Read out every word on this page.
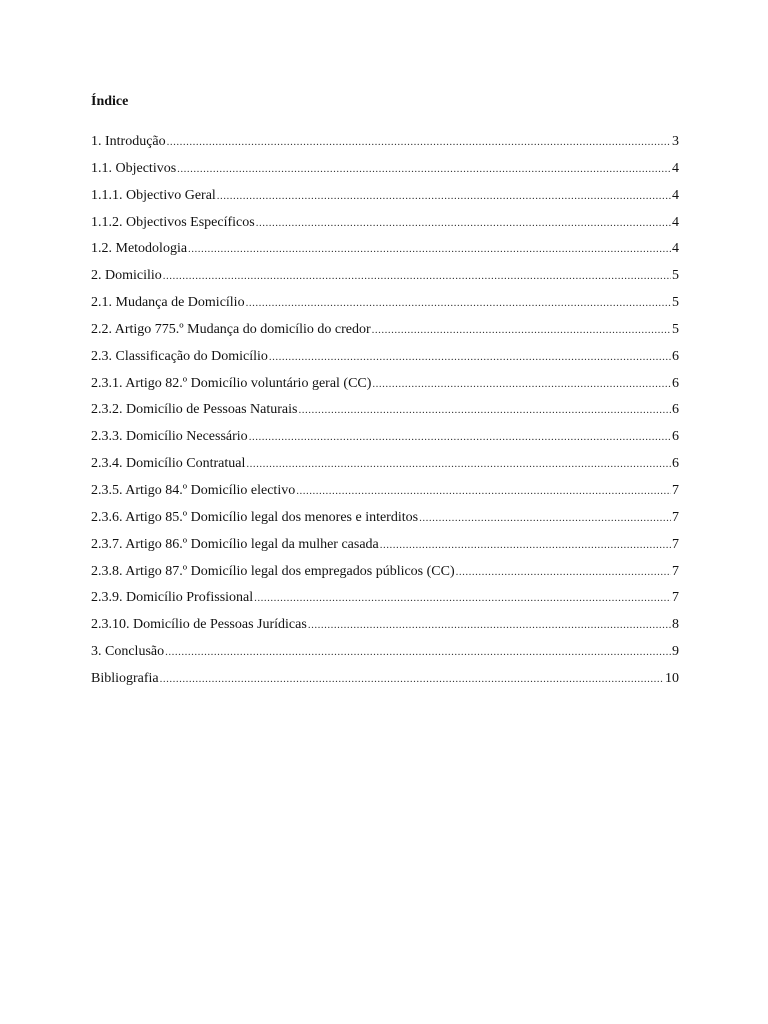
Índice
1. Introdução .....	3
1.1. Objectivos .....	4
1.1.1. Objectivo Geral .....	4
1.1.2. Objectivos Específicos .....	4
1.2. Metodologia .....	4
2. Domicilio .....	5
2.1. Mudança de Domicílio .....	5
2.2. Artigo 775.º Mudança do domicílio do credor .....	5
2.3. Classificação do Domicílio .....	6
2.3.1. Artigo 82.º Domicílio voluntário geral (CC) .....	6
2.3.2. Domicílio de Pessoas Naturais .....	6
2.3.3. Domicílio Necessário .....	6
2.3.4. Domicílio Contratual .....	6
2.3.5. Artigo 84.º Domicílio electivo .....	7
2.3.6. Artigo 85.º Domicílio legal dos menores e interditos .....	7
2.3.7. Artigo 86.º Domicílio legal da mulher casada .....	7
2.3.8. Artigo 87.º Domicílio legal dos empregados públicos (CC) .....	7
2.3.9. Domicílio Profissional .....	7
2.3.10. Domicílio de Pessoas Jurídicas .....	8
3. Conclusão .....	9
Bibliografia .....	10
